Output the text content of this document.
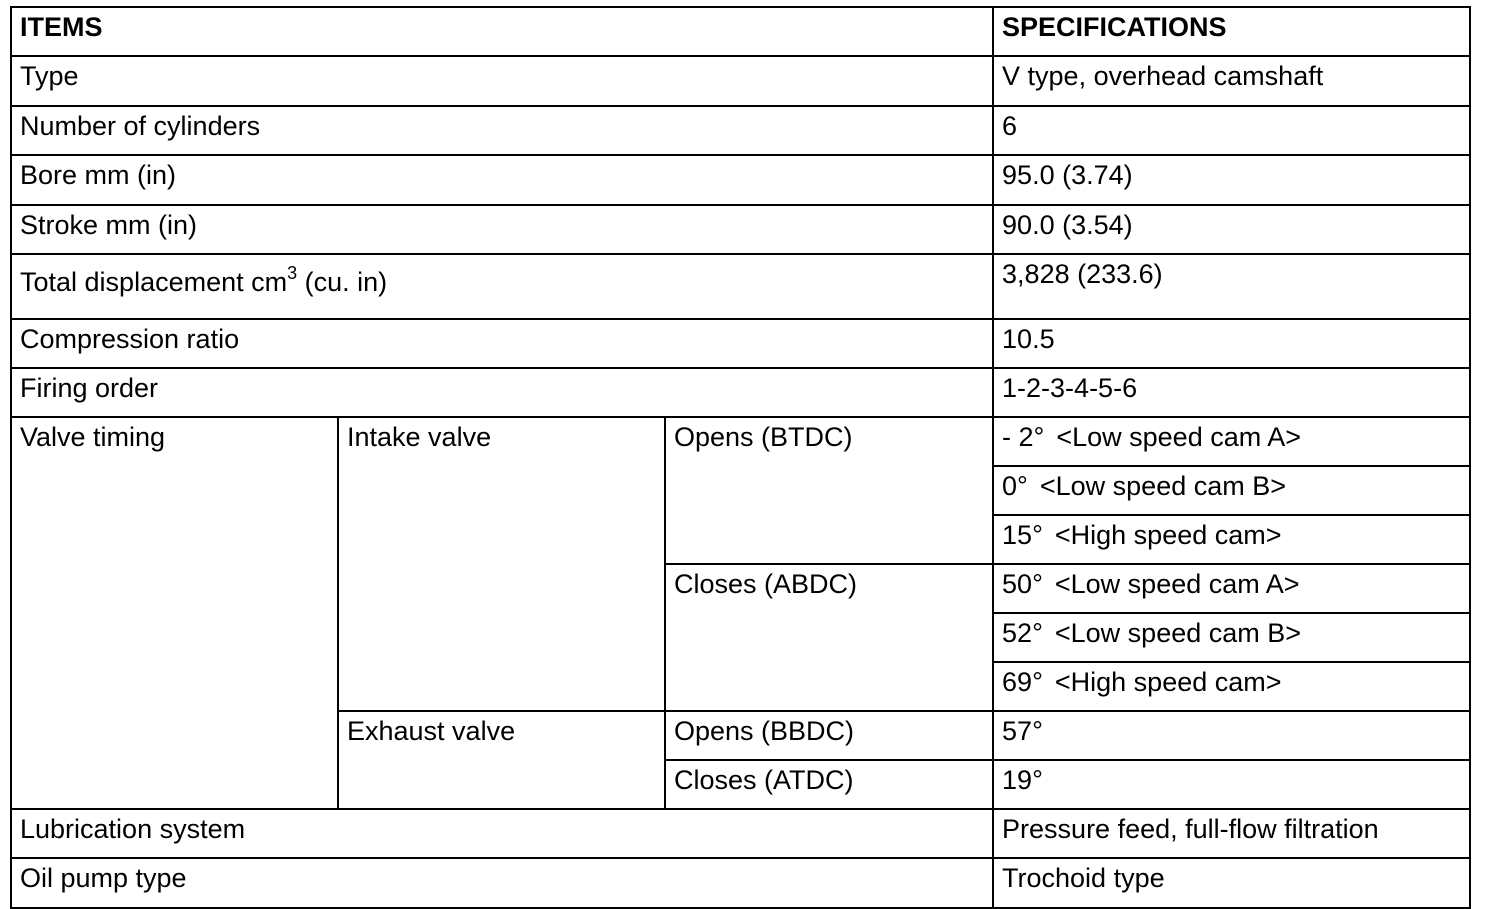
ITEMS			SPECIFICATIONS
Type			V type, overhead camshaft
Number of cylinders			6
Bore mm (in)			95.0 (3.74)
Stroke mm (in)			90.0 (3.54)
Total displacement $cm^3$ (cu. in)			3,828 (233.6)
Compression ratio			10.5
Firing order			1-2-3-4-5-6
Valve timing	Intake valve	Opens (BTDC)	- 2° <Low speed cam A>
			0° <Low speed cam B>
			15° <High speed cam>
		Closes (ABDC)	50° <Low speed cam A>
			52° <Low speed cam B>
			69° <High speed cam>
	Exhaust valve	Opens (BBDC)	57°
		Closes (ATDC)	19°
Lubrication system			Pressure feed, full-flow filtration
Oil pump type			Trochoid type
